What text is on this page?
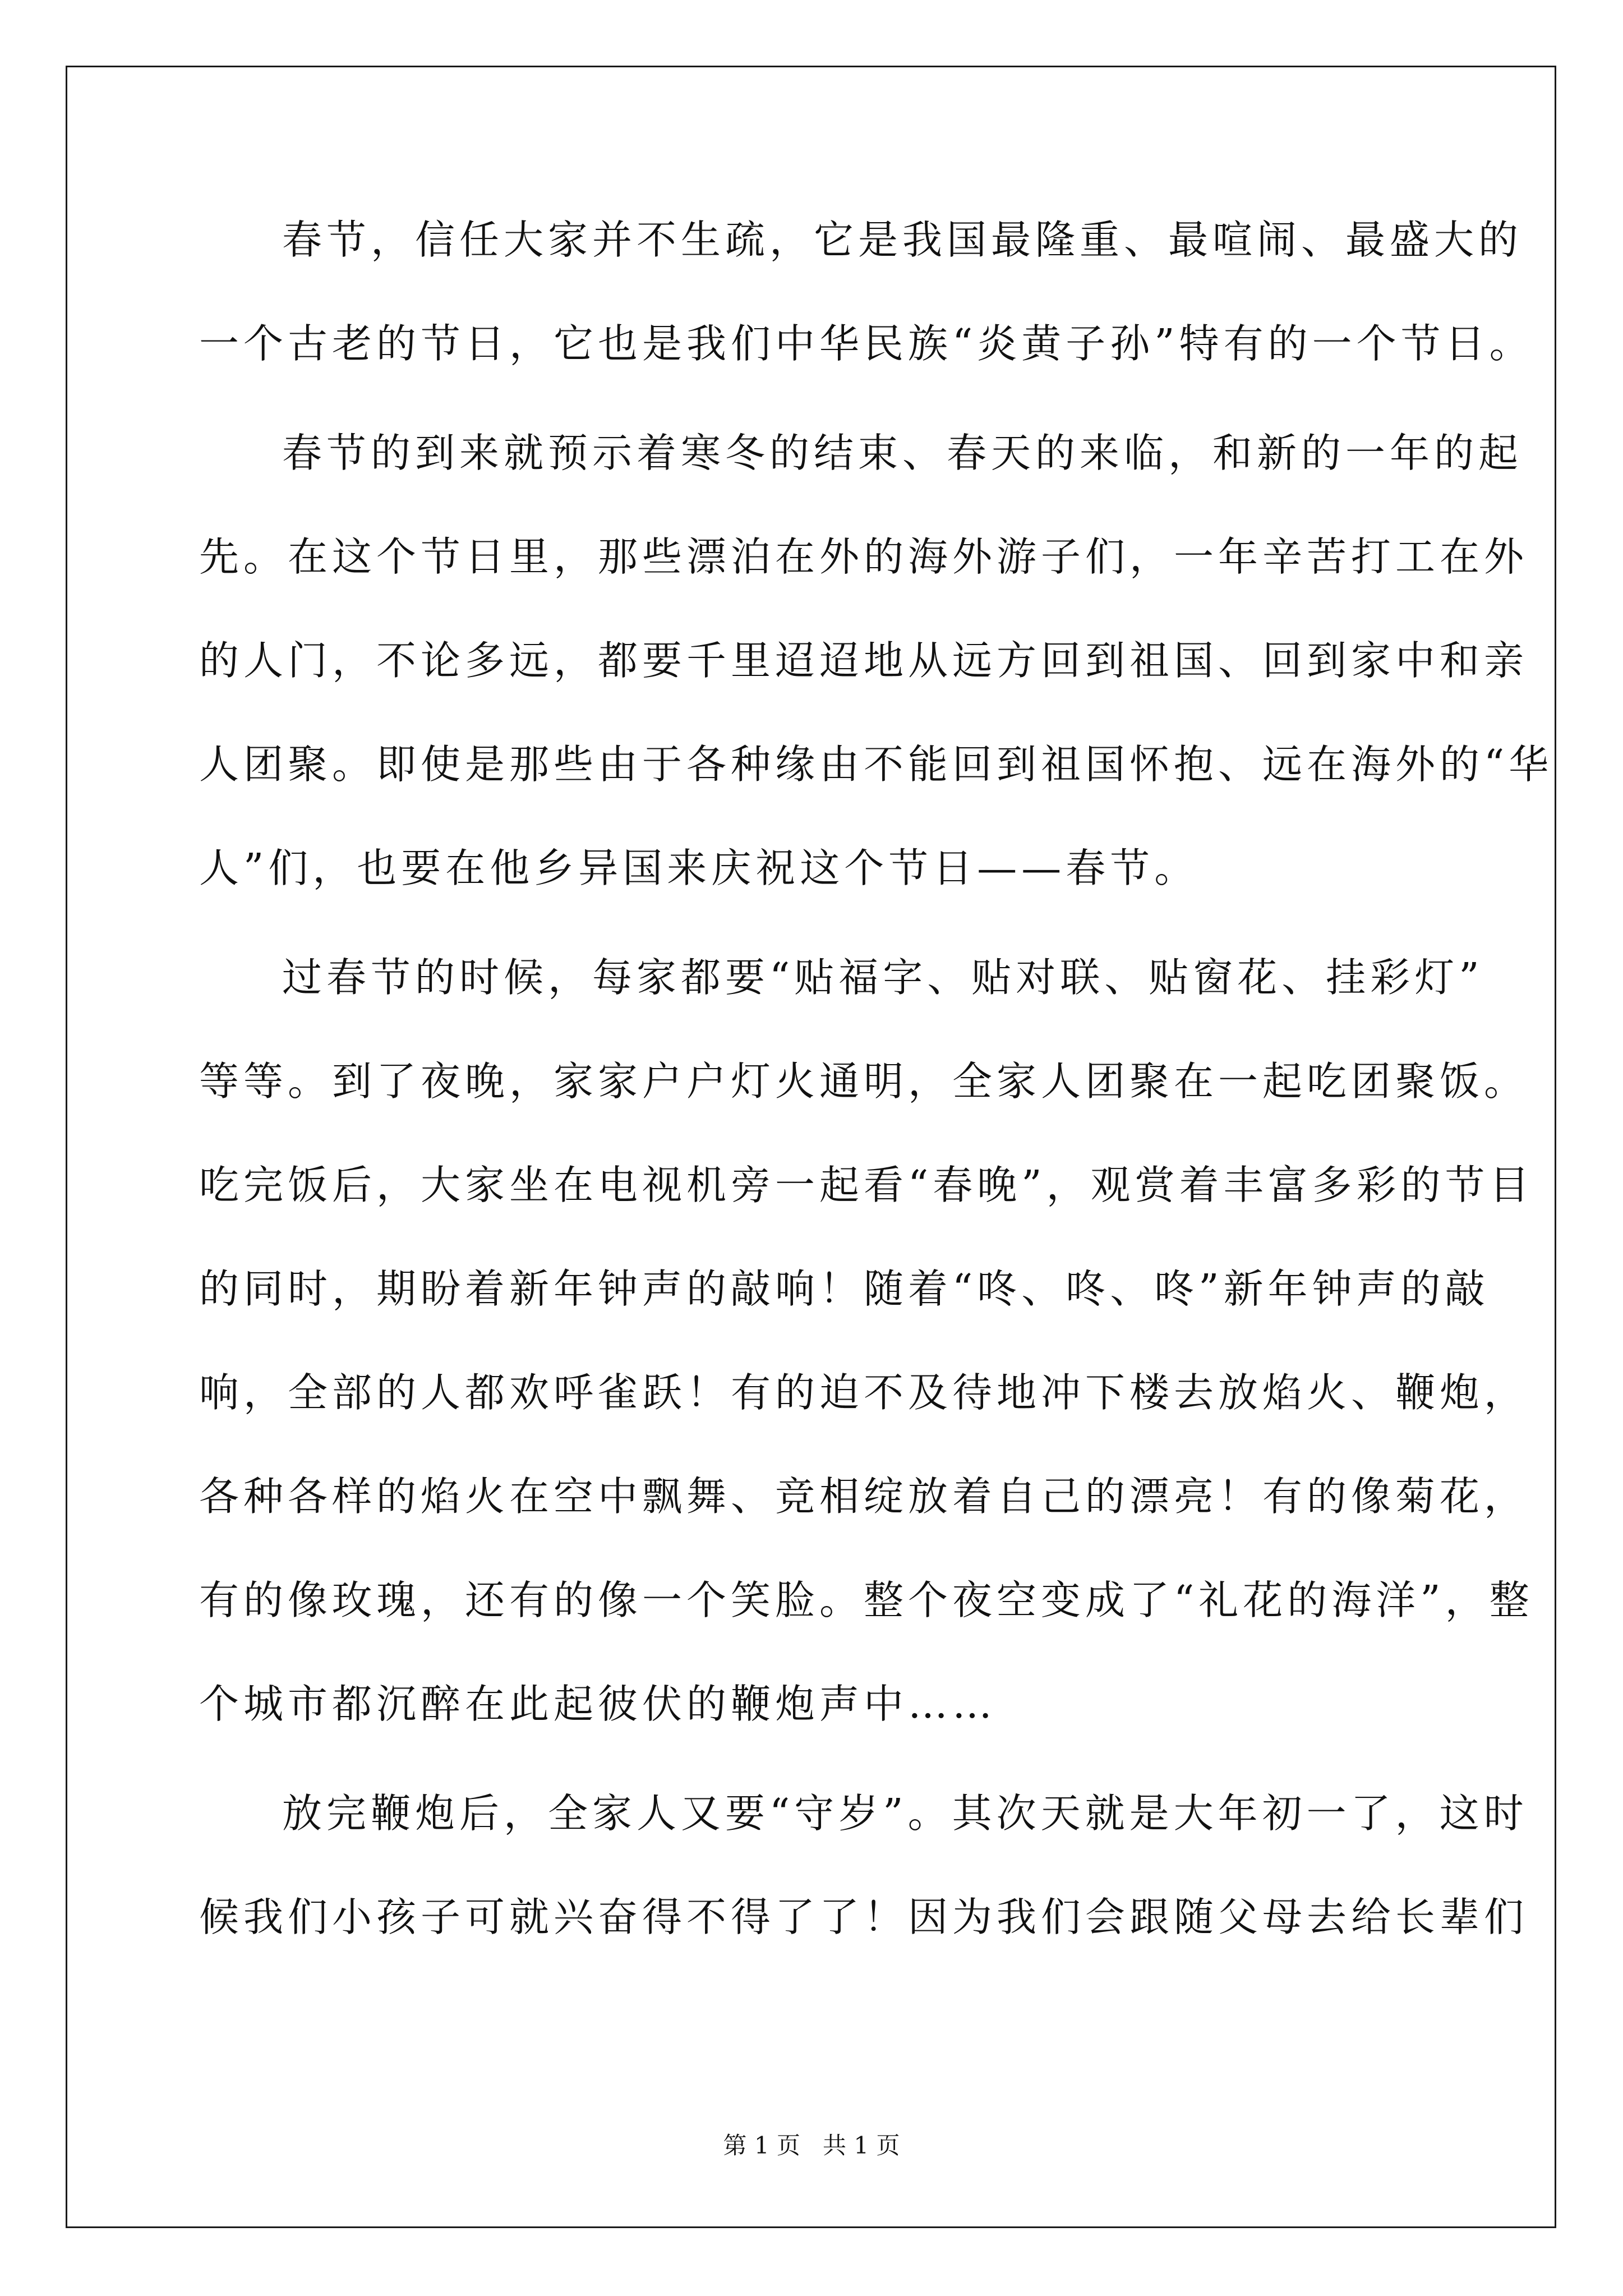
春节，信任大家并不生疏，它是我国最隆重、最喧闹、最盛大的
一个古老的节日，它也是我们中华民族“炎黄子孙”特有的一个节日。
春节的到来就预示着寒冬的结束、春天的来临，和新的一年的起
先。在这个节日里，那些漂泊在外的海外游子们，一年辛苦打工在外
的人门，不论多远，都要千里迢迢地从远方回到祖国、回到家中和亲
人团聚。即使是那些由于各种缘由不能回到祖国怀抱、远在海外的“华
人”们，也要在他乡异国来庆祝这个节日——春节。
过春节的时候，每家都要“贴福字、贴对联、贴窗花、挂彩灯”
等等。到了夜晚，家家户户灯火通明，全家人团聚在一起吃团聚饭。
吃完饭后，大家坐在电视机旁一起看“春晚”，观赏着丰富多彩的节目
的同时，期盼着新年钟声的敲响！随着“咚、咚、咚”新年钟声的敲
响，全部的人都欢呼雀跃！有的迫不及待地冲下楼去放焰火、鞭炮，
各种各样的焰火在空中飘舞、竞相绽放着自己的漂亮！有的像菊花，
有的像玫瑰，还有的像一个笑脸。整个夜空变成了“礼花的海洋”，整
个城市都沉醉在此起彼伏的鞭炮声中……
放完鞭炮后，全家人又要“守岁”。其次天就是大年初一了，这时
候我们小孩子可就兴奋得不得了了！因为我们会跟随父母去给长辈们
第 1 页   共 1 页
